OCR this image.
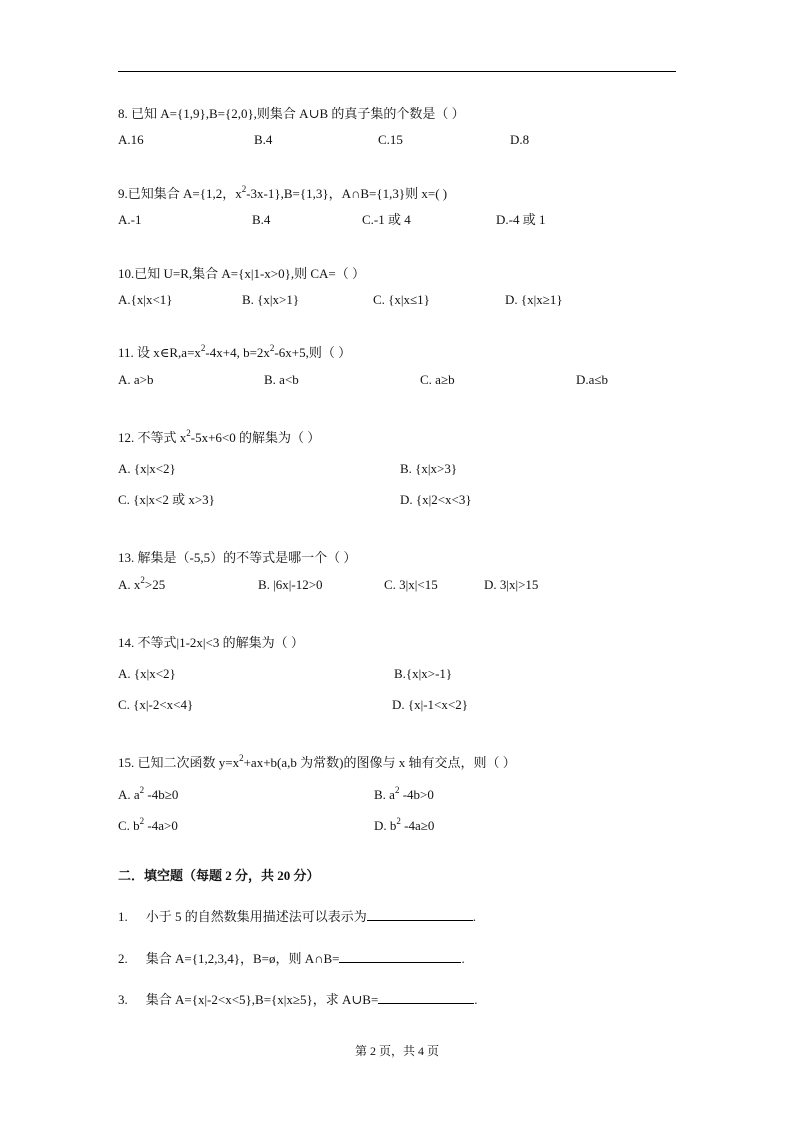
8. 已知 A={1,9},B={2,0},则集合 A∪B 的真子集的个数是（ ）
A.16	B.4	C.15	D.8
9.已知集合 A={1,2，$x^2-3x-1\},B=\{1,3\}$，A∩B={1,3}则 x=( )
A.-1	B.4	C.-1 或 4	D.-4 或 1
10.已知 U=R,集合 A={x|1-x>0},则 CA=（ ）
A.{x|x<1}	B. {x|x>1}	C. {x|x≤1}	D. {x|x≥1}
11. 设 $x\in R,a=x^2-4x+4$, $b=2x^2-6x+5$,则（ ）
A. a>b	B. a<b	C. a≥b	D.a≤b
12. 不等式 $x^2-5x+6<0$ 的解集为（ ）
A. {x|x<2}	B. {x|x>3}
C. {x|x<2 或 x>3}	D. {x|2<x<3}
13. 解集是（-5,5）的不等式是哪一个（ ）
A. $x^2>25$	B. |6x|-12>0	C. 3|x|<15	D. 3|x|>15
14. 不等式|1-2x|<3 的解集为（ ）
A. {x|x<2}	B.{x|x>-1}
C. {x|-2<x<4}	D. {x|-1<x<2}
15. 已知二次函数 $y=x^2+ax+b(a,b$ 为常数)的图像与 x 轴有交点，则（ ）
A. $a^2$ -4b≥0	B. $a^2$ -4b>0
C. $b^2$ -4a>0	D. $b^2$ -4a≥0
二．填空题（每题 2 分，共 20 分）
1. 小于 5 的自然数集用描述法可以表示为	.
2. 集合 A={1,2,3,4}，B=ø，则 A∩B=	.
3. 集合 A={x|-2<x<5},B={x|x≥5}，求 A∪B=	.
第 2 页，共 4 页
